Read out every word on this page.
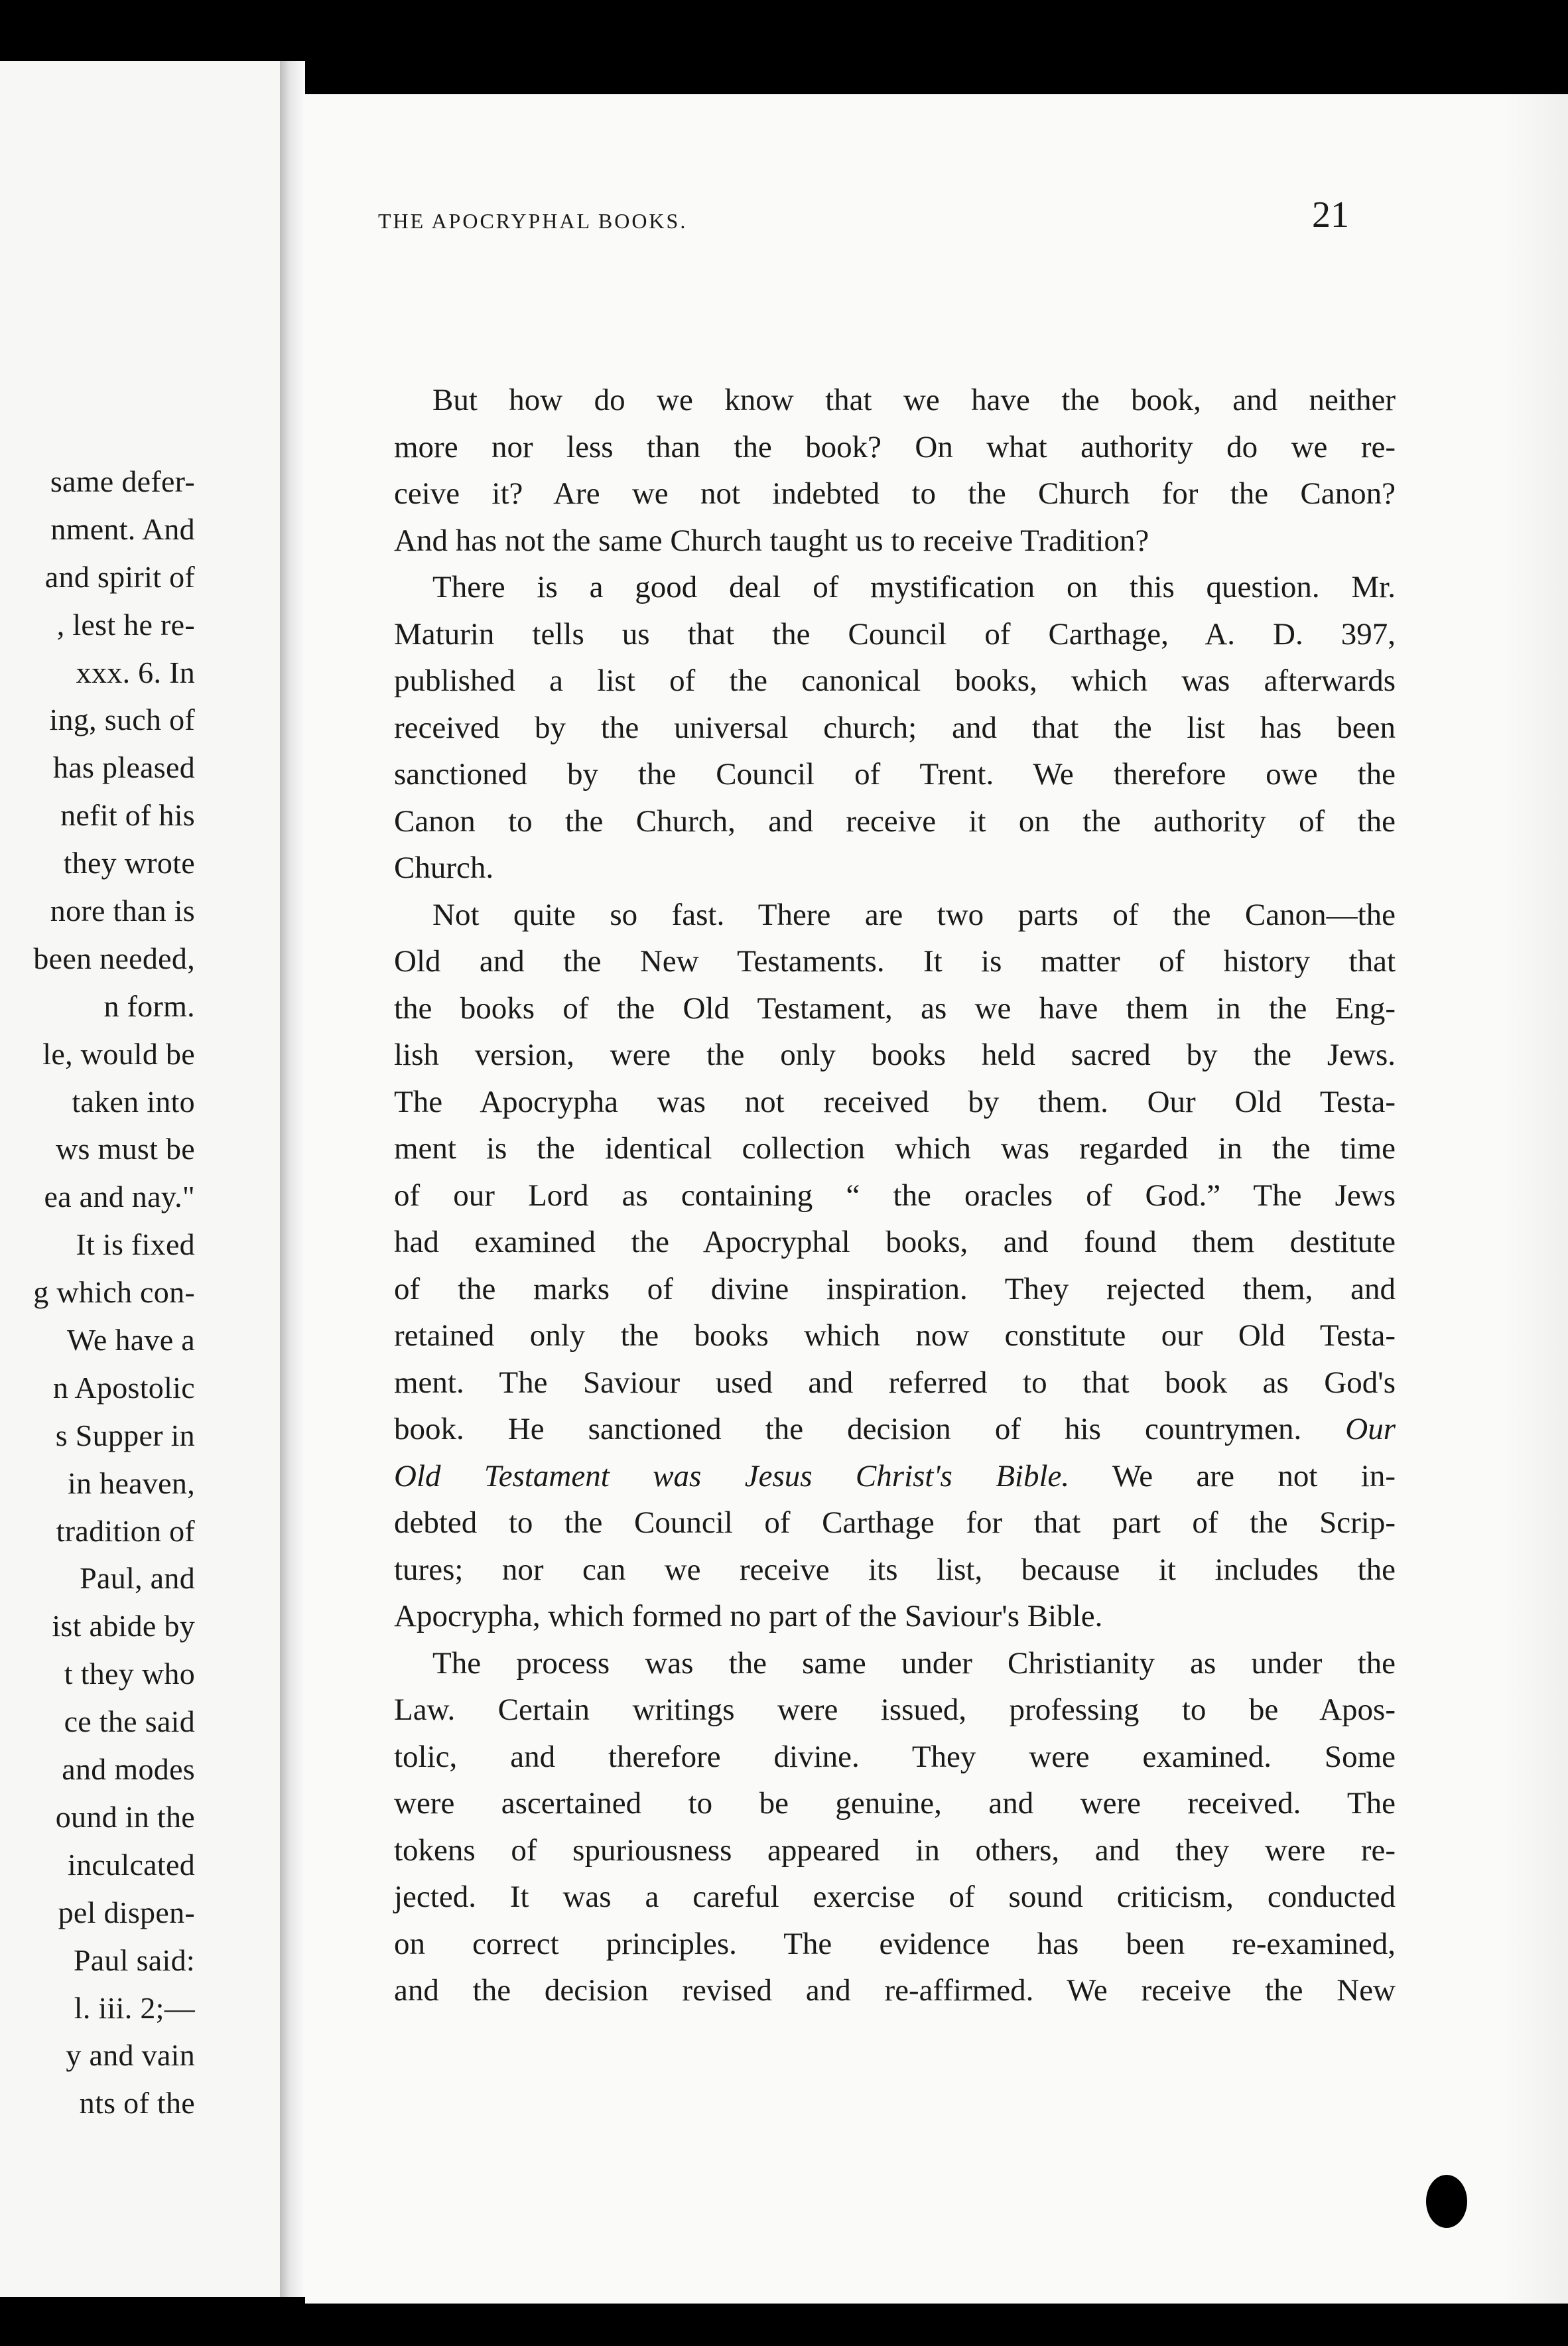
same defer-
nment. And
and spirit of
, lest he re-
xxx. 6. In
ing, such of
has pleased
nefit of his
they wrote
nore than is
been needed,
n form.
le, would be
taken into
ws must be
ea and nay."
It is fixed
g which con-
We have a
n Apostolic
s Supper in
in heaven,
tradition of
Paul, and
ist abide by
t they who
ce the said
and modes
ound in the
inculcated
pel dispen-
Paul said:
l. iii. 2;—
y and vain
nts of the
THE APOCRYPHAL BOOKS.	21
But how do we know that we have the book, and neither
more nor less than the book? On what authority do we re-
ceive it? Are we not indebted to the Church for the Canon?
And has not the same Church taught us to receive Tradition?
There is a good deal of mystification on this question. Mr.
Maturin tells us that the Council of Carthage, A. D. 397,
published a list of the canonical books, which was afterwards
received by the universal church; and that the list has been
sanctioned by the Council of Trent. We therefore owe the
Canon to the Church, and receive it on the authority of the
Church.
Not quite so fast. There are two parts of the Canon—the
Old and the New Testaments. It is matter of history that
the books of the Old Testament, as we have them in the Eng-
lish version, were the only books held sacred by the Jews.
The Apocrypha was not received by them. Our Old Testa-
ment is the identical collection which was regarded in the time
of our Lord as containing “ the oracles of God.” The Jews
had examined the Apocryphal books, and found them destitute
of the marks of divine inspiration. They rejected them, and
retained only the books which now constitute our Old Testa-
ment. The Saviour used and referred to that book as God's
book. He sanctioned the decision of his countrymen. Our
Old Testament was Jesus Christ's Bible. We are not in-
debted to the Council of Carthage for that part of the Scrip-
tures; nor can we receive its list, because it includes the
Apocrypha, which formed no part of the Saviour's Bible.
The process was the same under Christianity as under the
Law. Certain writings were issued, professing to be Apos-
tolic, and therefore divine. They were examined. Some
were ascertained to be genuine, and were received. The
tokens of spuriousness appeared in others, and they were re-
jected. It was a careful exercise of sound criticism, conducted
on correct principles. The evidence has been re-examined,
and the decision revised and re-affirmed. We receive the New
